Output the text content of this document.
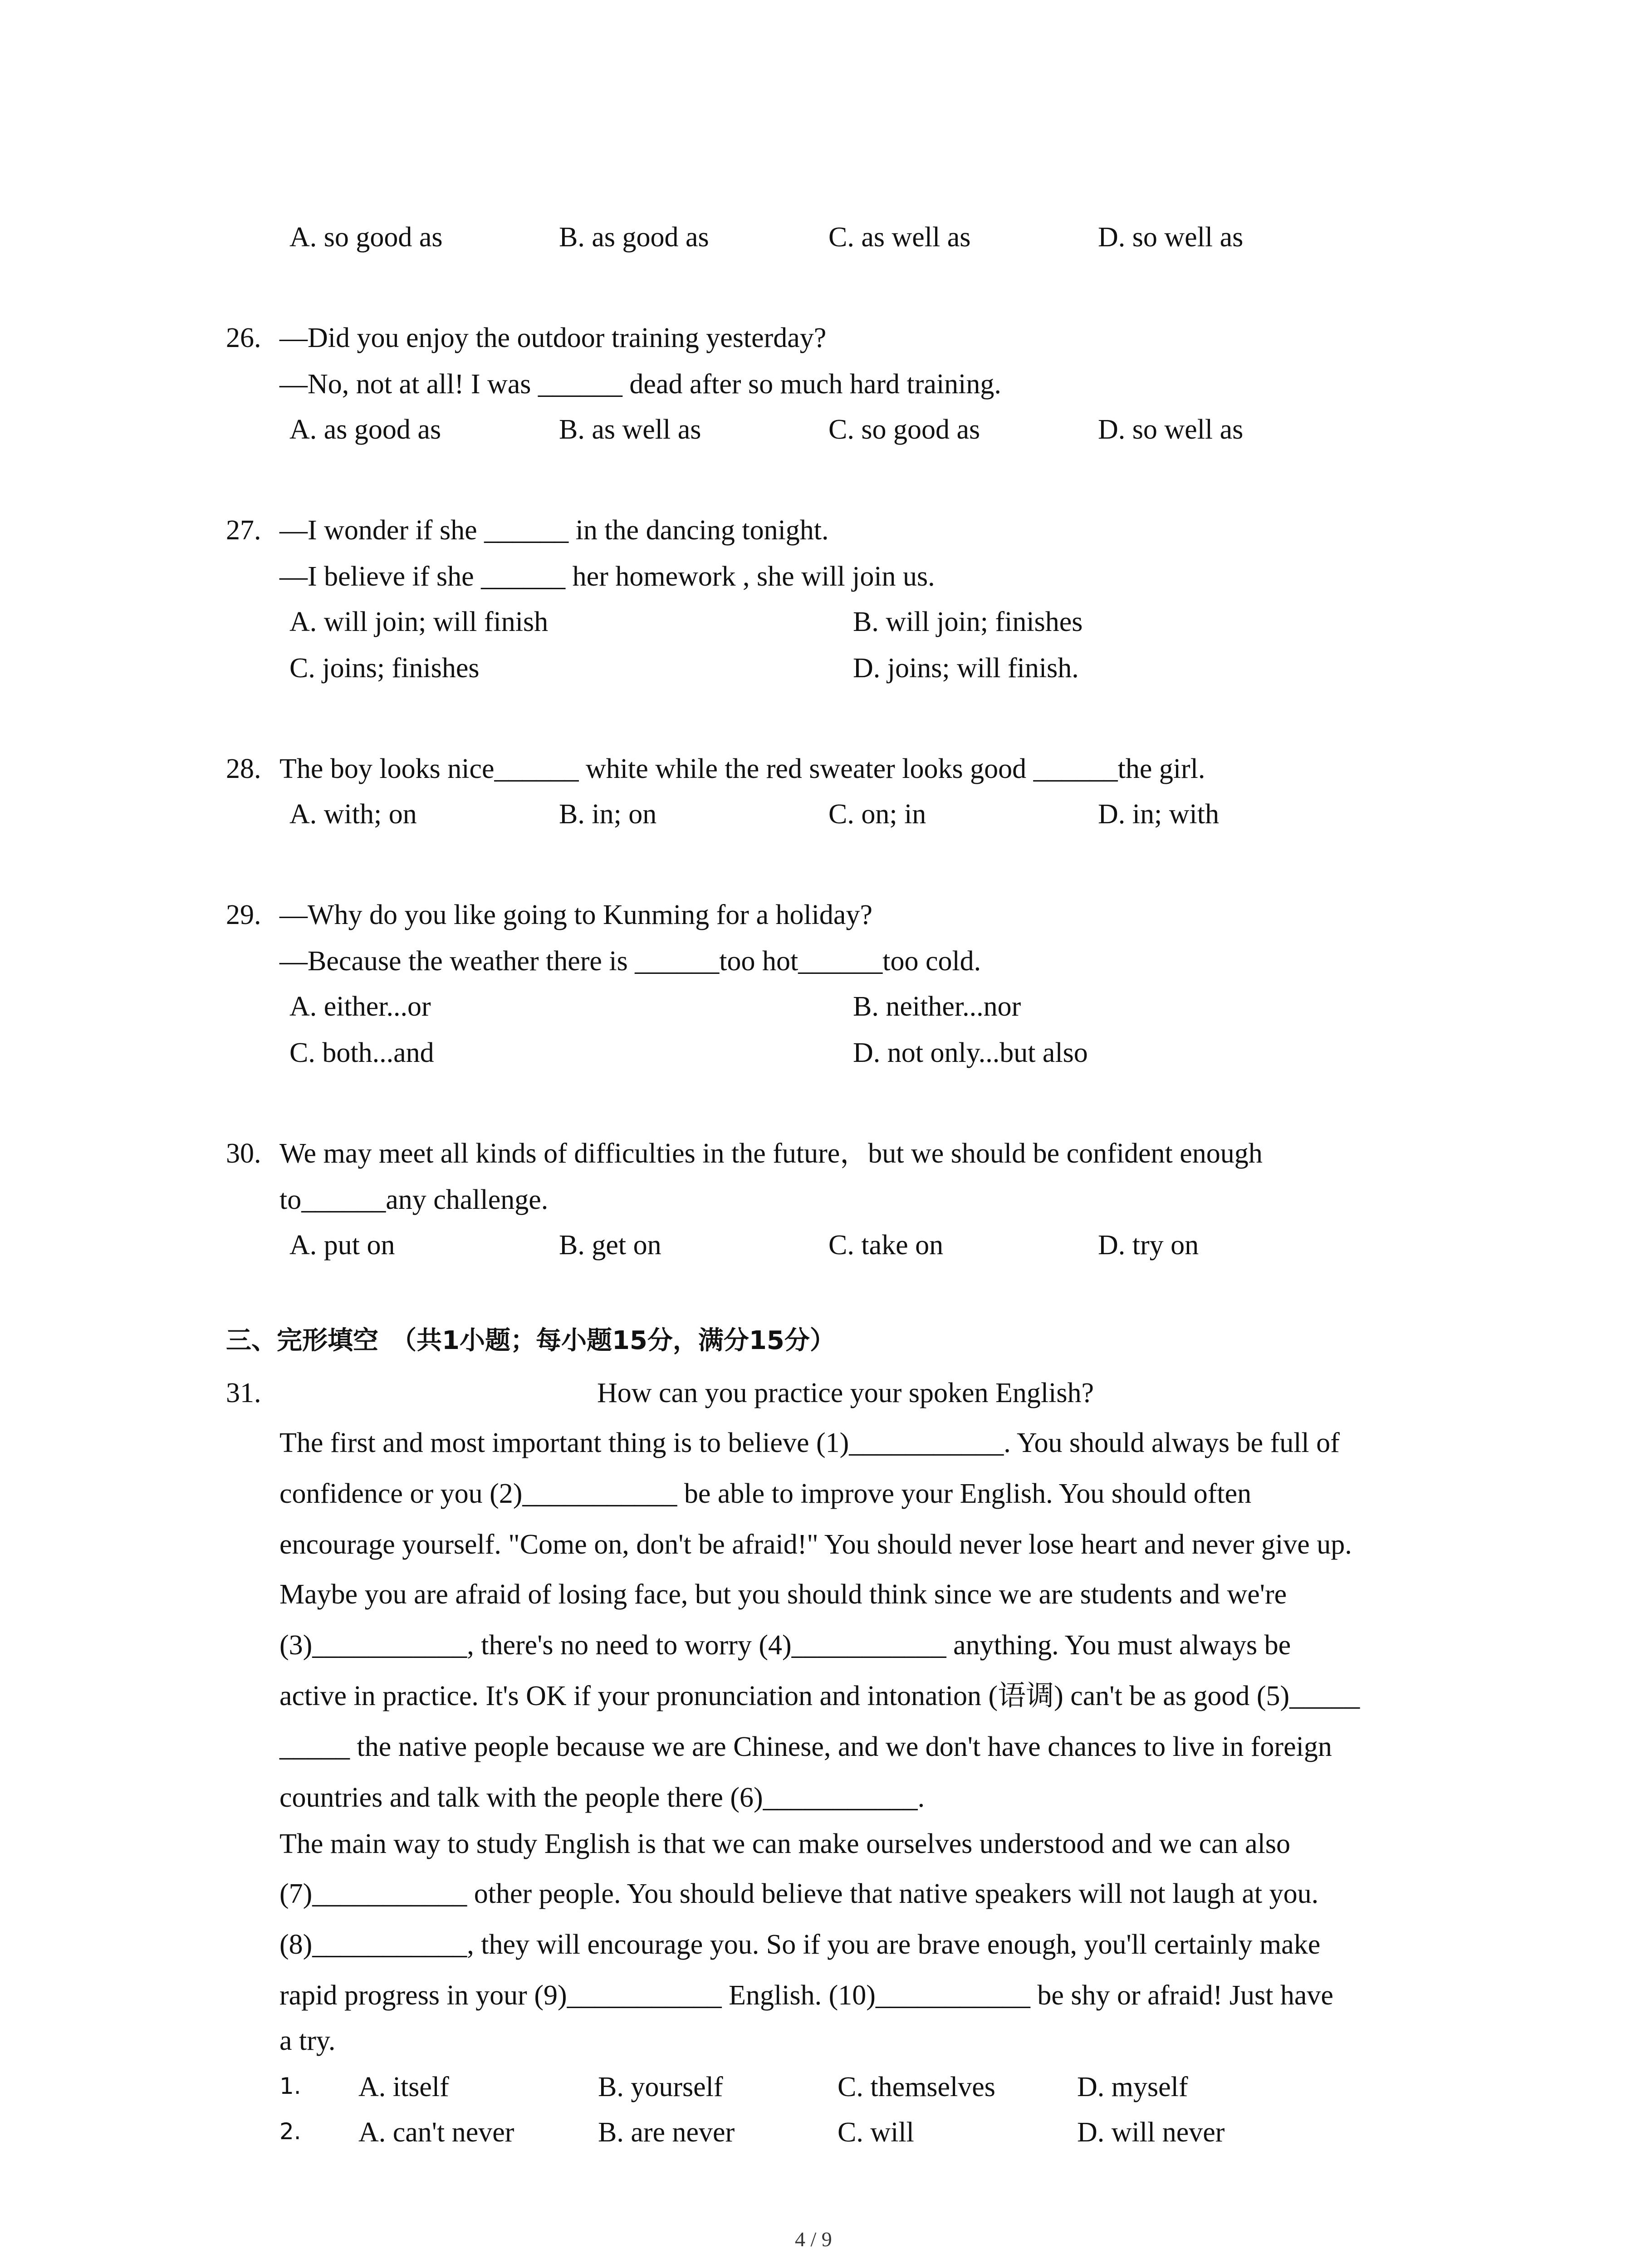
A. so good as	B. as good as	C. as well as	D. so well as
26. —Did you enjoy the outdoor training yesterday?
—No, not at all! I was ______ dead after so much hard training.
A. as good as	B. as well as	C. so good as	D. so well as
27. —I wonder if she ______ in the dancing tonight.
—I believe if she ______ her homework , she will join us.
A. will join; will finish	B. will join; finishes
C. joins; finishes	D. joins; will finish.
28. The boy looks nice______ white while the red sweater looks good ______the girl.
A. with; on	B. in; on	C. on; in	D. in; with
29. —Why do you like going to Kunming for a holiday?
—Because the weather there is ______too hot______too cold.
A. either...or	B. neither...nor
C. both...and	D. not only...but also
30. We may meet all kinds of difficulties in the future，but we should be confident enough
to______any challenge.
A. put on	B. get on	C. take on	D. try on
三、完形填空　（共1小题；每小题15分，满分15分）
31.	How can you practice your spoken English?
The first and most important thing is to believe (1)___________. You should always be full of
confidence or you (2)___________ be able to improve your English. You should often
encourage yourself. "Come on, don't be afraid!" You should never lose heart and never give up.
Maybe you are afraid of losing face, but you should think since we are students and we're
(3)___________, there's no need to worry (4)___________ anything. You must always be
active in practice. It's OK if your pronunciation and intonation (语调) can't be as good (5)_____
_____ the native people because we are Chinese, and we don't have chances to live in foreign
countries and talk with the people there (6)___________.
The main way to study English is that we can make ourselves understood and we can also
(7)___________ other people. You should believe that native speakers will not laugh at you.
(8)___________, they will encourage you. So if you are brave enough, you'll certainly make
rapid progress in your (9)___________ English. (10)___________ be shy or afraid! Just have
a try.
1. A. itself	B. yourself	C. themselves	D. myself
2. A. can't never	B. are never	C. will	D. will never
4 / 9
